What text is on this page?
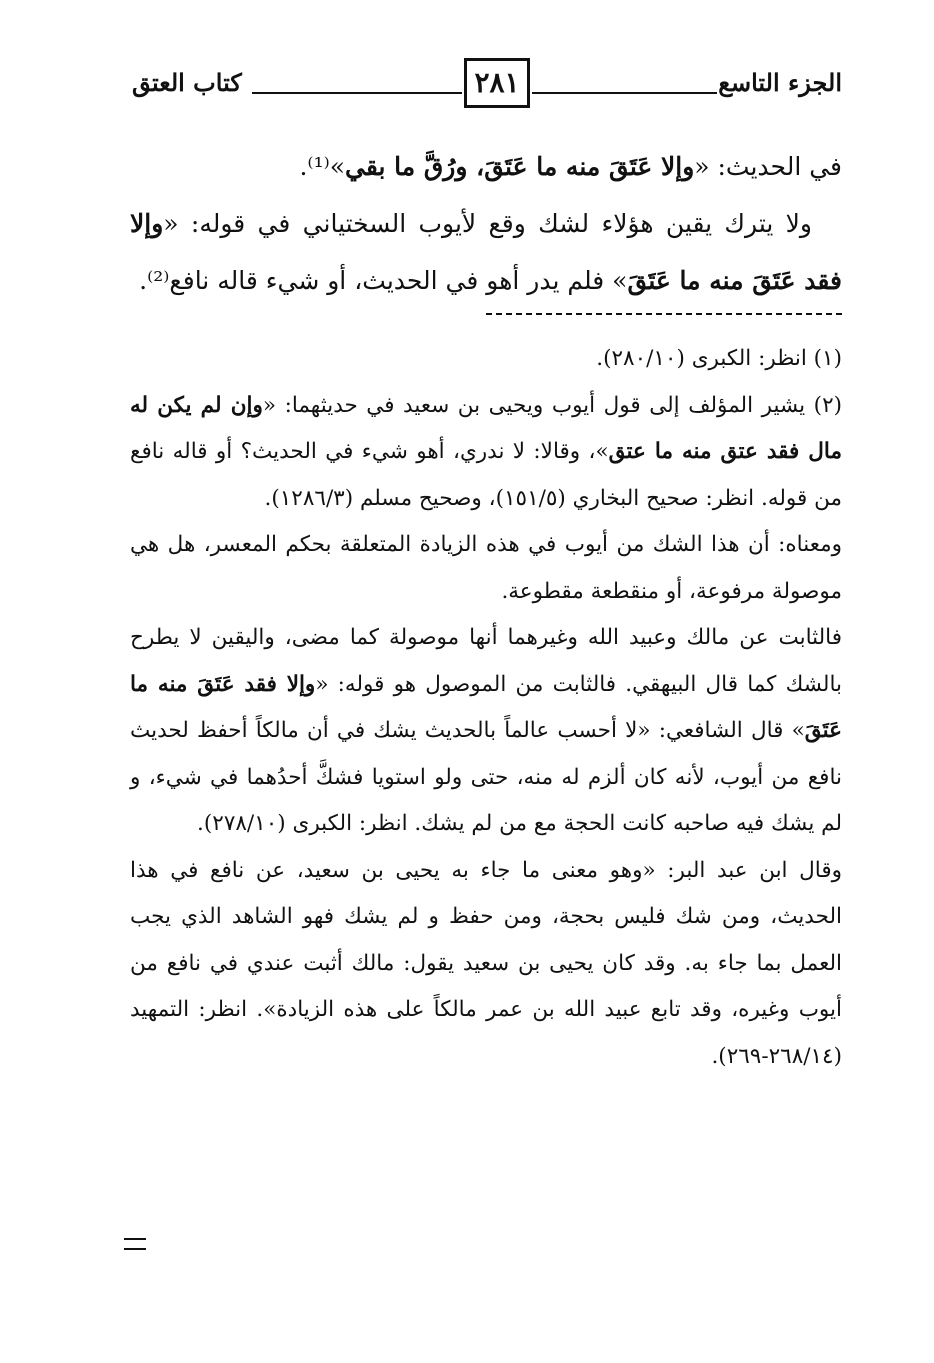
كتاب العتق	٢٨١	الجزء التاسع

في الحديث: «وإلا عَتَقَ منه ما عَتَقَ، ورُقَّ ما بقي»⁽¹⁾.

ولا يترك يقين هؤلاء لشك وقع لأيوب السختياني في قوله: «وإلا فقد عَتَقَ منه ما عَتَقَ» فلم يدر أهو في الحديث، أو شيء قاله نافع⁽²⁾.

(١) انظر: الكبرى (٢٨٠/١٠).

(٢) يشير المؤلف إلى قول أيوب ويحيى بن سعيد في حديثهما: «وإن لم يكن له مال فقد عتق منه ما عتق»، وقالا: لا ندري، أهو شيء في الحديث؟ أو قاله نافع من قوله. انظر: صحيح البخاري (١٥١/٥)، وصحيح مسلم (١٢٨٦/٣).

ومعناه: أن هذا الشك من أيوب في هذه الزيادة المتعلقة بحكم المعسر، هل هي موصولة مرفوعة، أو منقطعة مقطوعة.

فالثابت عن مالك وعبيد الله وغيرهما أنها موصولة كما مضى، واليقين لا يطرح بالشك كما قال البيهقي. فالثابت من الموصول هو قوله: «وإلا فقد عَتَقَ منه ما عَتَقَ» قال الشافعي: «لا أحسب عالماً بالحديث يشك في أن مالكاً أحفظ لحديث نافع من أيوب، لأنه كان ألزم له منه، حتى ولو استويا فشكَّ أحدُهما في شيء، و لم يشك فيه صاحبه كانت الحجة مع من لم يشك. انظر: الكبرى (٢٧٨/١٠).

وقال ابن عبد البر: «وهو معنى ما جاء به يحيى بن سعيد، عن نافع في هذا الحديث، ومن شك فليس بحجة، ومن حفظ و لم يشك فهو الشاهد الذي يجب العمل بما جاء به. وقد كان يحيى بن سعيد يقول: مالك أثبت عندي في نافع من أيوب وغيره، وقد تابع عبيد الله بن عمر مالكاً على هذه الزيادة». انظر: التمهيد (٢٦٨/١٤-٢٦٩).
